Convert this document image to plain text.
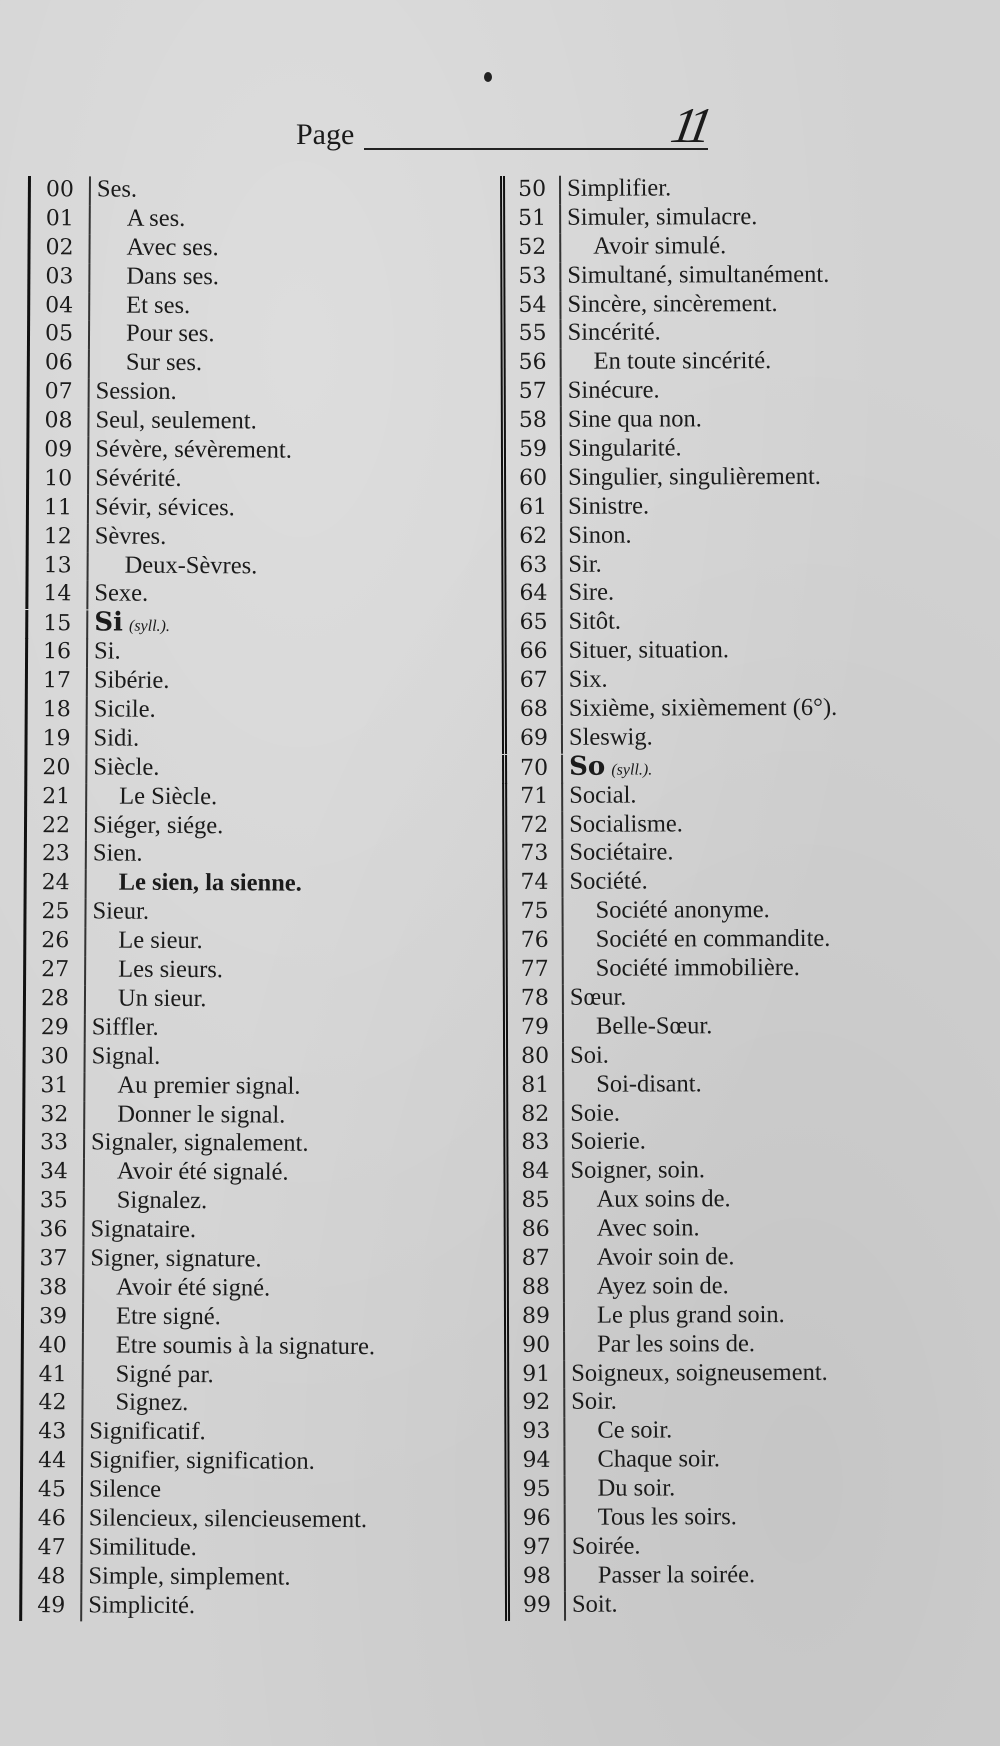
Page	11
00 Ses.
01	A ses.
02	Avec ses.
03	Dans ses.
04	Et ses.
05	Pour ses.
06	Sur ses.
07 Session.
08 Seul, seulement.
09 Sévère, sévèrement.
10 Sévérité.
11 Sévir, sévices.
12 Sèvres.
13	Deux-Sèvres.
14 Sexe.
15 Si (syll.).
16 Si.
17 Sibérie.
18 Sicile.
19 Sidi.
20 Siècle.
21	Le Siècle.
22 Siéger, siége.
23 Sien.
24	Le sien, la sienne.
25 Sieur.
26	Le sieur.
27	Les sieurs.
28	Un sieur.
29 Siffler.
30 Signal.
31	Au premier signal.
32	Donner le signal.
33 Signaler, signalement.
34	Avoir été signalé.
35	Signalez.
36 Signataire.
37 Signer, signature.
38	Avoir été signé.
39	Etre signé.
40	Etre soumis à la signature.
41	Signé par.
42	Signez.
43 Significatif.
44 Signifier, signification.
45 Silence
46 Silencieux, silencieusement.
47 Similitude.
48 Simple, simplement.
49 Simplicité.
50 Simplifier.
51 Simuler, simulacre.
52	Avoir simulé.
53 Simultané, simultanément.
54 Sincère, sincèrement.
55 Sincérité.
56	En toute sincérité.
57 Sinécure.
58 Sine qua non.
59 Singularité.
60 Singulier, singulièrement.
61 Sinistre.
62 Sinon.
63 Sir.
64 Sire.
65 Sitôt.
66 Situer, situation.
67 Six.
68 Sixième, sixièmement (6°).
69 Sleswig.
70 So (syll.).
71 Social.
72 Socialisme.
73 Sociétaire.
74 Société.
75	Société anonyme.
76	Société en commandite.
77	Société immobilière.
78 Sœur.
79	Belle-Sœur.
80 Soi.
81	Soi-disant.
82 Soie.
83 Soierie.
84 Soigner, soin.
85	Aux soins de.
86	Avec soin.
87	Avoir soin de.
88	Ayez soin de.
89	Le plus grand soin.
90	Par les soins de.
91 Soigneux, soigneusement.
92 Soir.
93	Ce soir.
94	Chaque soir.
95	Du soir.
96	Tous les soirs.
97 Soirée.
98	Passer la soirée.
99 Soit.
